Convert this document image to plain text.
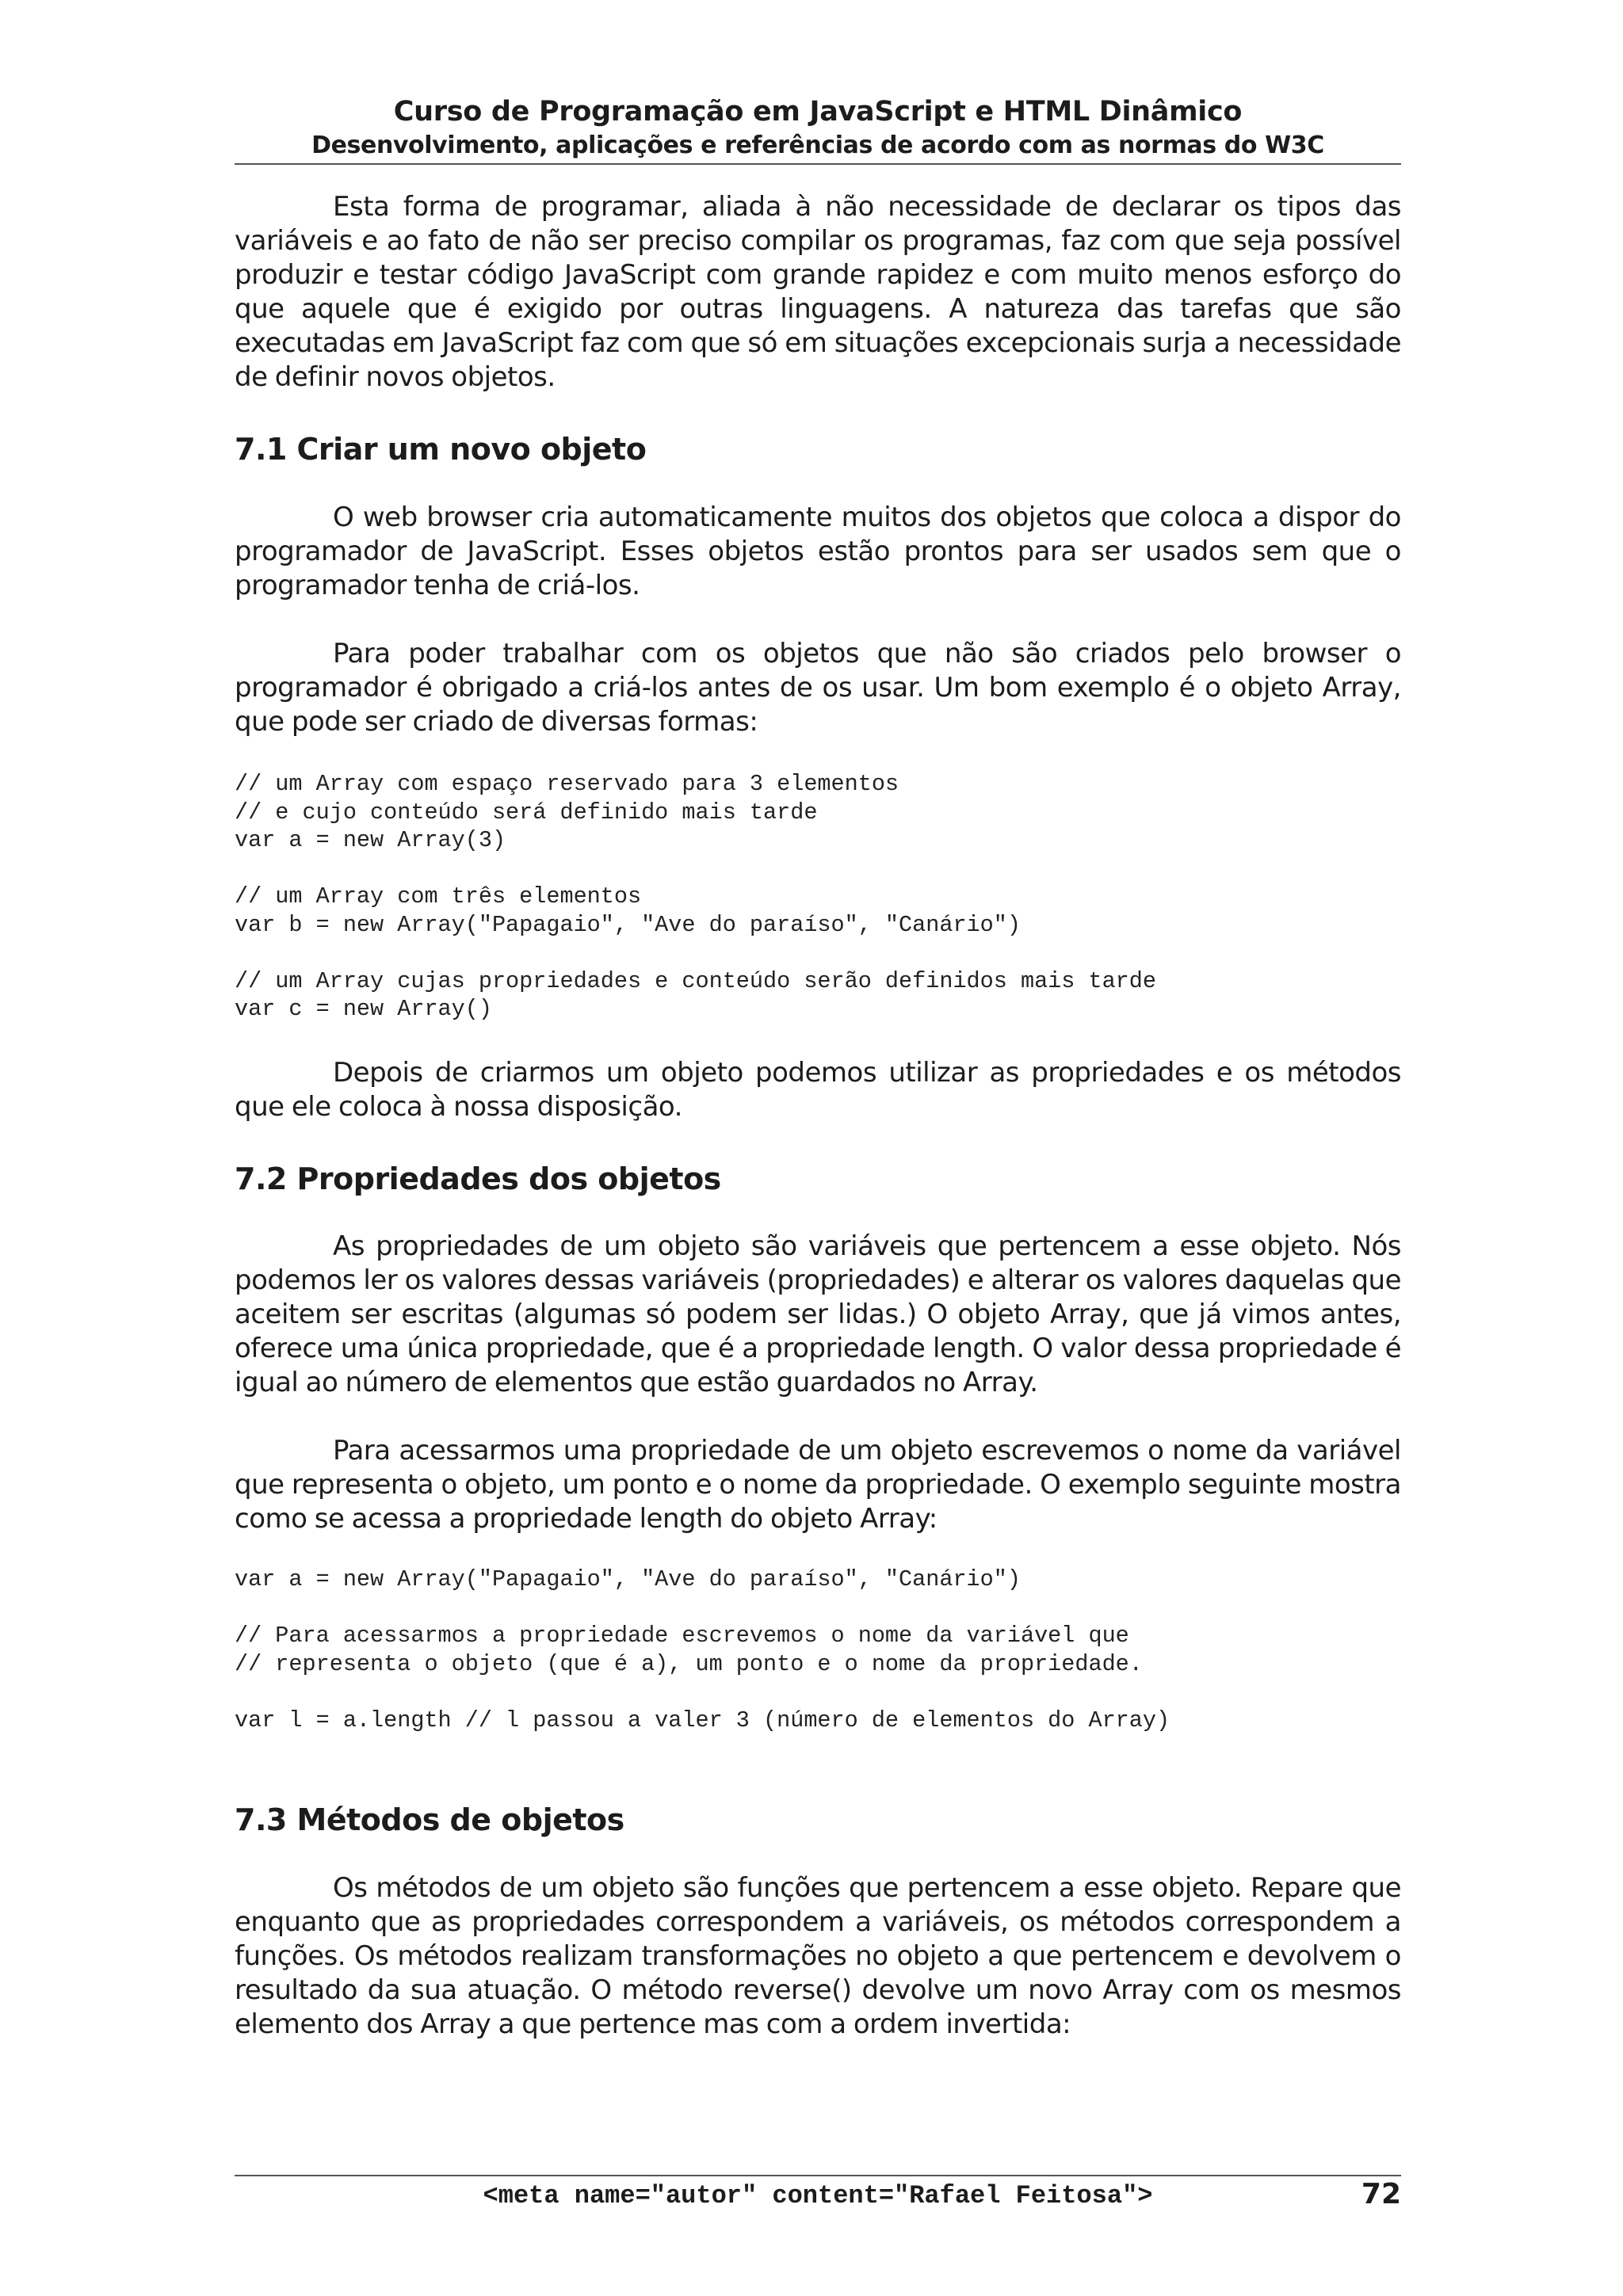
Curso de Programação em JavaScript e HTML Dinâmico
Desenvolvimento, aplicações e referências de acordo com as normas do W3C

Esta forma de programar, aliada à não necessidade de declarar os tipos das variáveis e ao fato de não ser preciso compilar os programas, faz com que seja possível produzir e testar código JavaScript com grande rapidez e com muito menos esforço do que aquele que é exigido por outras linguagens. A natureza das tarefas que são executadas em JavaScript faz com que só em situações excepcionais surja a necessidade de definir novos objetos.

7.1 Criar um novo objeto

O web browser cria automaticamente muitos dos objetos que coloca a dispor do programador de JavaScript. Esses objetos estão prontos para ser usados sem que o programador tenha de criá-los.

Para poder trabalhar com os objetos que não são criados pelo browser o programador é obrigado a criá-los antes de os usar. Um bom exemplo é o objeto Array, que pode ser criado de diversas formas:

// um Array com espaço reservado para 3 elementos
// e cujo conteúdo será definido mais tarde
var a = new Array(3)

// um Array com três elementos
var b = new Array("Papagaio", "Ave do paraíso", "Canário")

// um Array cujas propriedades e conteúdo serão definidos mais tarde
var c = new Array()

Depois de criarmos um objeto podemos utilizar as propriedades e os métodos que ele coloca à nossa disposição.

7.2 Propriedades dos objetos

As propriedades de um objeto são variáveis que pertencem a esse objeto. Nós podemos ler os valores dessas variáveis (propriedades) e alterar os valores daquelas que aceitem ser escritas (algumas só podem ser lidas.) O objeto Array, que já vimos antes, oferece uma única propriedade, que é a propriedade length. O valor dessa propriedade é igual ao número de elementos que estão guardados no Array.

Para acessarmos uma propriedade de um objeto escrevemos o nome da variável que representa o objeto, um ponto e o nome da propriedade. O exemplo seguinte mostra como se acessa a propriedade length do objeto Array:

var a = new Array("Papagaio", "Ave do paraíso", "Canário")

// Para acessarmos a propriedade escrevemos o nome da variável que
// representa o objeto (que é a), um ponto e o nome da propriedade.

var l = a.length // l passou a valer 3 (número de elementos do Array)
7.3 Métodos de objetos

Os métodos de um objeto são funções que pertencem a esse objeto. Repare que enquanto que as propriedades correspondem a variáveis, os métodos correspondem a funções. Os métodos realizam transformações no objeto a que pertencem e devolvem o resultado da sua atuação. O método reverse() devolve um novo Array com os mesmos elemento dos Array a que pertence mas com a ordem invertida:

<meta name="autor" content="Rafael Feitosa">	72
